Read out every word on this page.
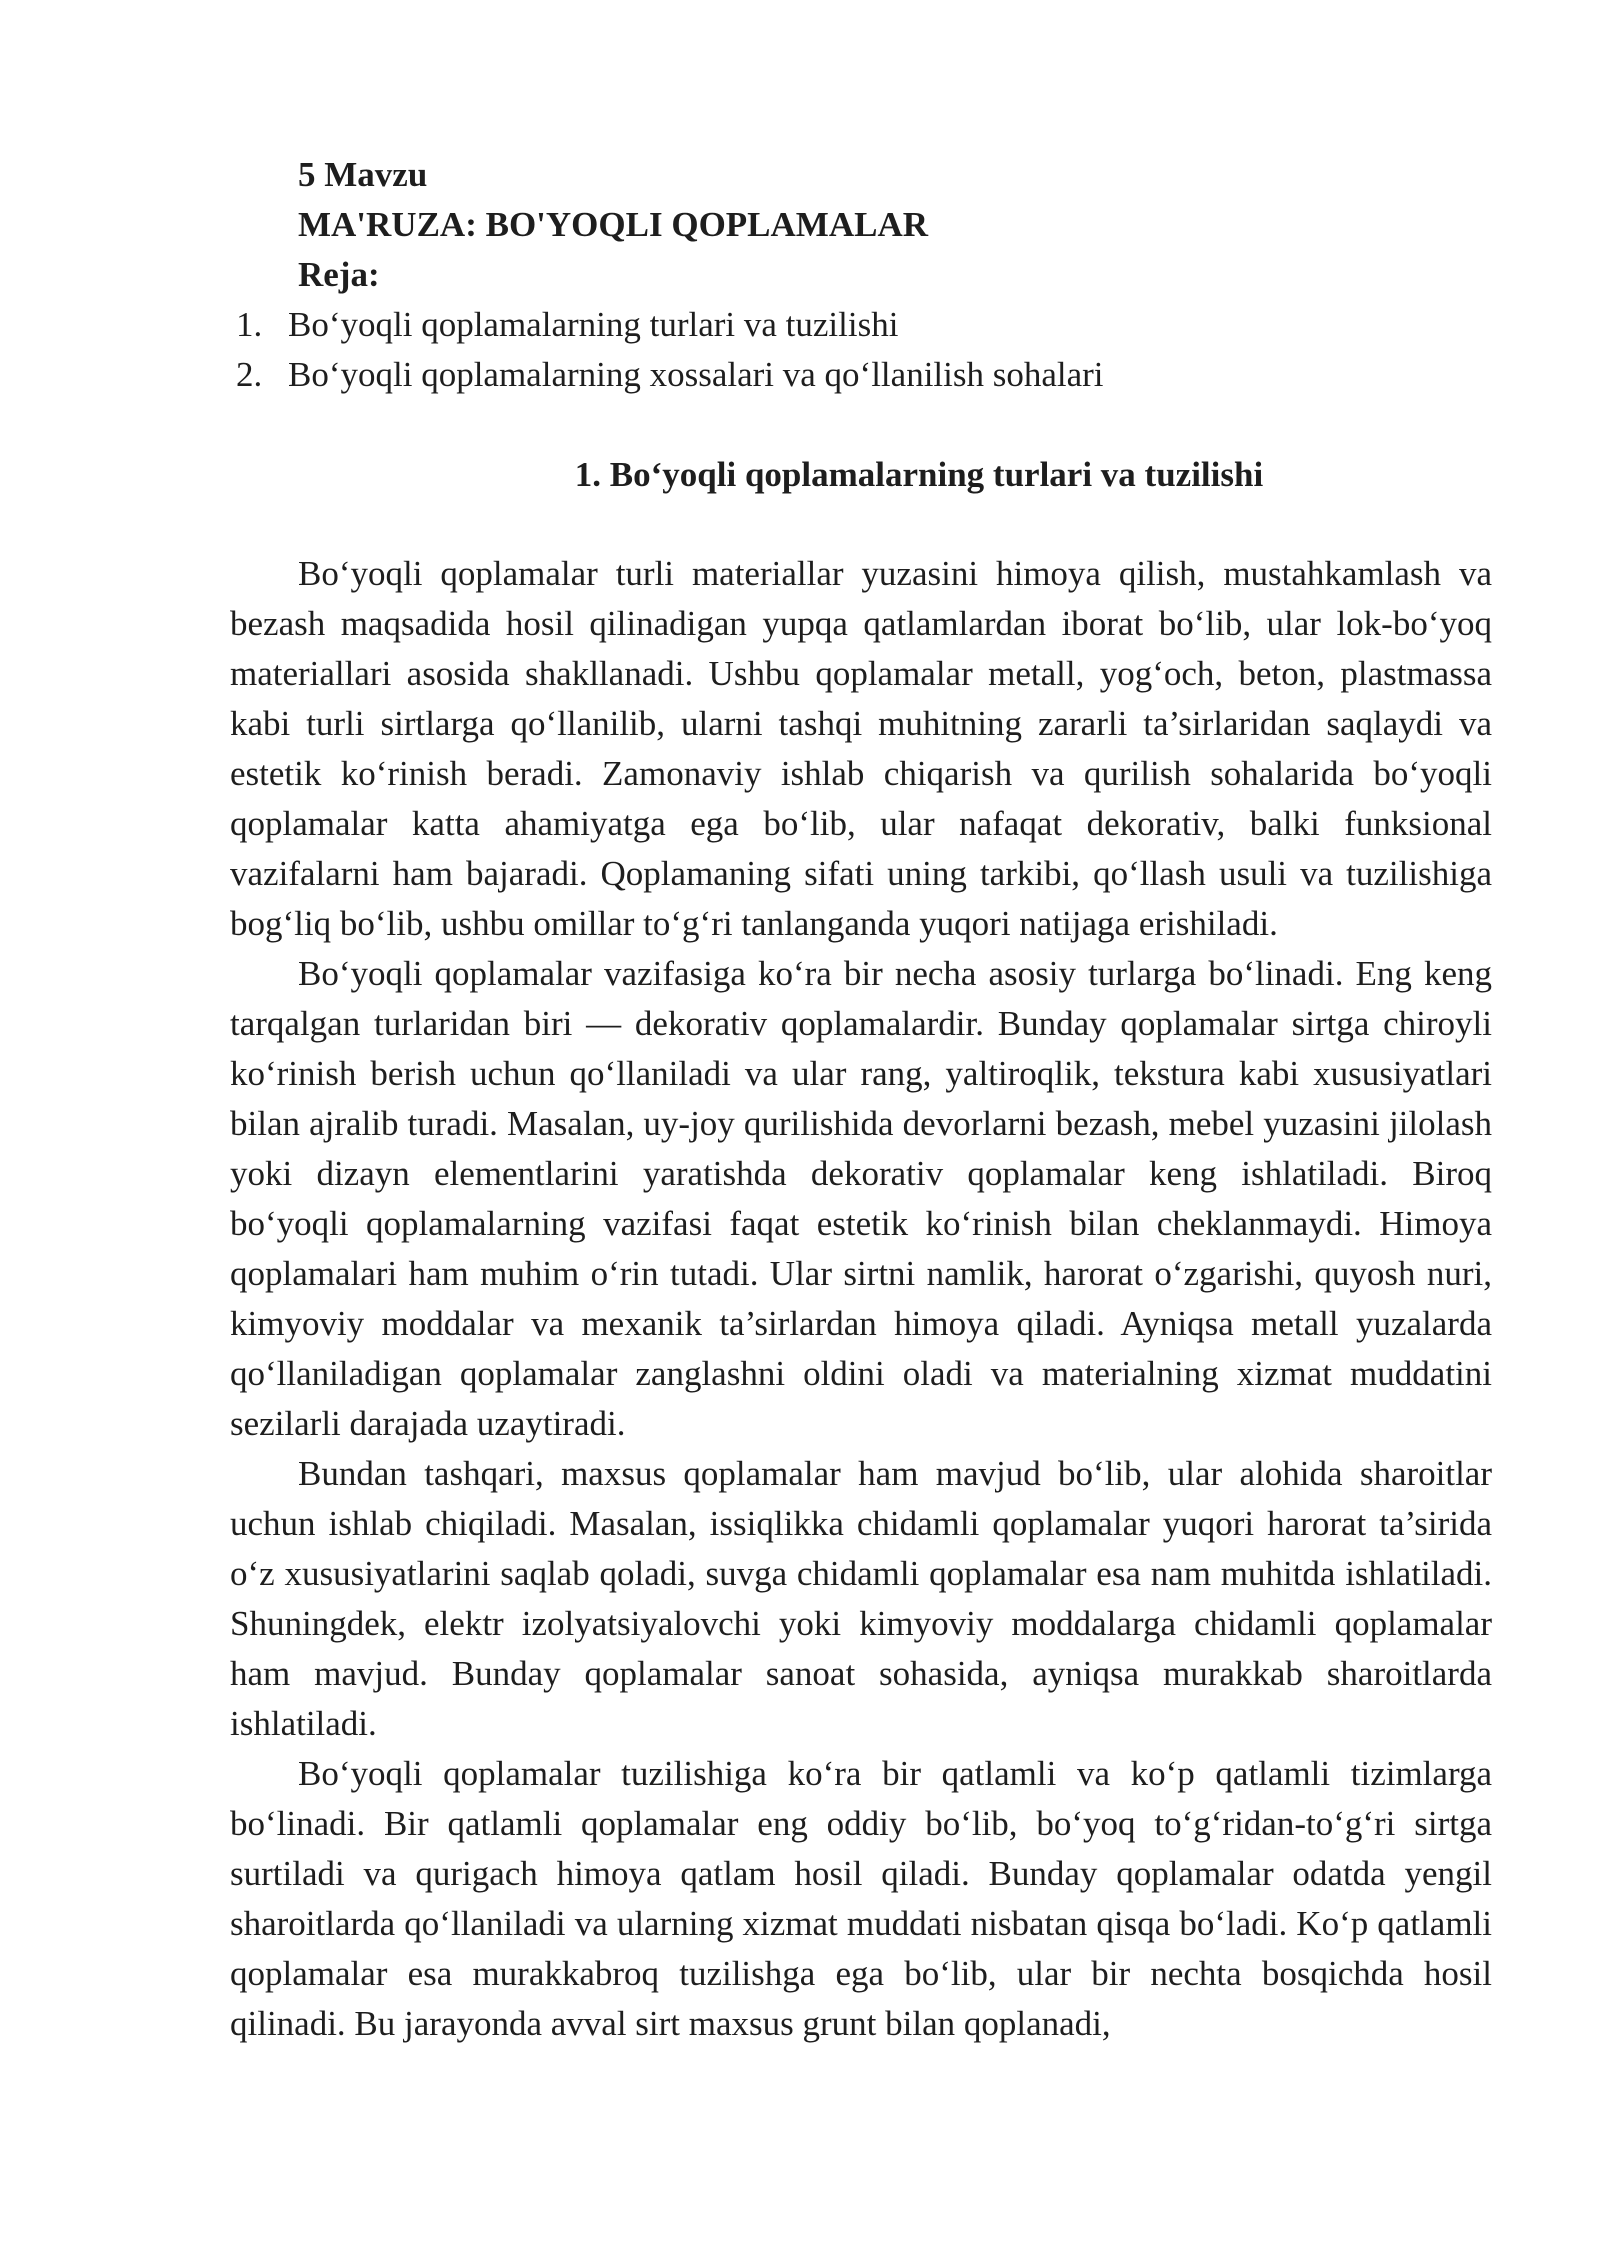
5 Mavzu
MA'RUZA: BO'YOQLI QOPLAMALAR
Reja:
1. Bo‘yoqli qoplamalarning turlari va tuzilishi
2. Bo‘yoqli qoplamalarning xossalari va qo‘llanilish sohalari
1. Bo‘yoqli qoplamalarning turlari va tuzilishi

Bo‘yoqli qoplamalar turli materiallar yuzasini himoya qilish, mustahkamlash va bezash maqsadida hosil qilinadigan yupqa qatlamlardan iborat bo‘lib, ular lok-bo‘yoq materiallari asosida shakllanadi. Ushbu qoplamalar metall, yog‘och, beton, plastmassa kabi turli sirtlarga qo‘llanilib, ularni tashqi muhitning zararli ta’sirlaridan saqlaydi va estetik ko‘rinish beradi. Zamonaviy ishlab chiqarish va qurilish sohalarida bo‘yoqli qoplamalar katta ahamiyatga ega bo‘lib, ular nafaqat dekorativ, balki funksional vazifalarni ham bajaradi. Qoplamaning sifati uning tarkibi, qo‘llash usuli va tuzilishiga bog‘liq bo‘lib, ushbu omillar to‘g‘ri tanlanganda yuqori natijaga erishiladi.

Bo‘yoqli qoplamalar vazifasiga ko‘ra bir necha asosiy turlarga bo‘linadi. Eng keng tarqalgan turlaridan biri — dekorativ qoplamalardir. Bunday qoplamalar sirtga chiroyli ko‘rinish berish uchun qo‘llaniladi va ular rang, yaltiroqlik, tekstura kabi xususiyatlari bilan ajralib turadi. Masalan, uy-joy qurilishida devorlarni bezash, mebel yuzasini jilolash yoki dizayn elementlarini yaratishda dekorativ qoplamalar keng ishlatiladi. Biroq bo‘yoqli qoplamalarning vazifasi faqat estetik ko‘rinish bilan cheklanmaydi. Himoya qoplamalari ham muhim o‘rin tutadi. Ular sirtni namlik, harorat o‘zgarishi, quyosh nuri, kimyoviy moddalar va mexanik ta’sirlardan himoya qiladi. Ayniqsa metall yuzalarda qo‘llaniladigan qoplamalar zanglashni oldini oladi va materialning xizmat muddatini sezilarli darajada uzaytiradi.

Bundan tashqari, maxsus qoplamalar ham mavjud bo‘lib, ular alohida sharoitlar uchun ishlab chiqiladi. Masalan, issiqlikka chidamli qoplamalar yuqori harorat ta’sirida o‘z xususiyatlarini saqlab qoladi, suvga chidamli qoplamalar esa nam muhitda ishlatiladi. Shuningdek, elektr izolyatsiyalovchi yoki kimyoviy moddalarga chidamli qoplamalar ham mavjud. Bunday qoplamalar sanoat sohasida, ayniqsa murakkab sharoitlarda ishlatiladi.

Bo‘yoqli qoplamalar tuzilishiga ko‘ra bir qatlamli va ko‘p qatlamli tizimlarga bo‘linadi. Bir qatlamli qoplamalar eng oddiy bo‘lib, bo‘yoq to‘g‘ridan-to‘g‘ri sirtga surtiladi va qurigach himoya qatlam hosil qiladi. Bunday qoplamalar odatda yengil sharoitlarda qo‘llaniladi va ularning xizmat muddati nisbatan qisqa bo‘ladi. Ko‘p qatlamli qoplamalar esa murakkabroq tuzilishga ega bo‘lib, ular bir nechta bosqichda hosil qilinadi. Bu jarayonda avval sirt maxsus grunt bilan qoplanadi,
